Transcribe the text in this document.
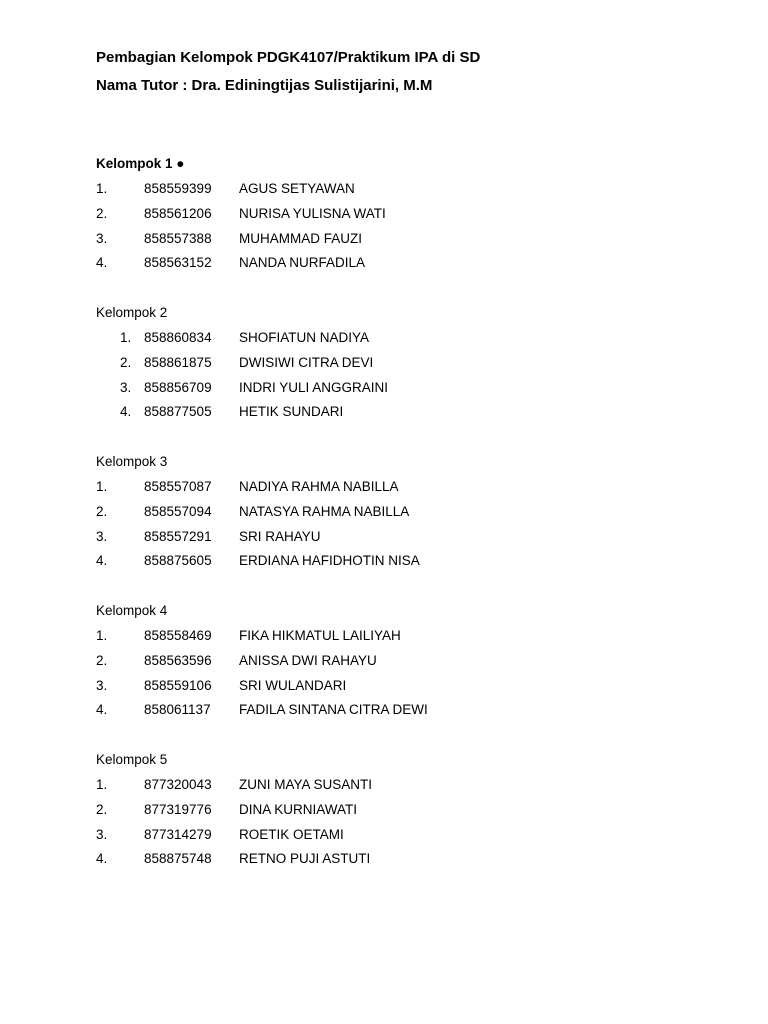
Pembagian Kelompok PDGK4107/Praktikum IPA di SD
Nama Tutor : Dra. Ediningtijas Sulistijarini, M.M
Kelompok 1 ●
1.	858559399 AGUS SETYAWAN
2.	858561206 NURISA YULISNA WATI
3.	858557388 MUHAMMAD FAUZI
4.	858563152 NANDA NURFADILA
Kelompok 2
1. 858860834 SHOFIATUN NADIYA
2. 858861875 DWISIWI CITRA DEVI
3. 858856709 INDRI YULI ANGGRAINI
4. 858877505 HETIK SUNDARI
Kelompok 3
1.	858557087 NADIYA RAHMA NABILLA
2.	858557094 NATASYA RAHMA NABILLA
3.	858557291 SRI RAHAYU
4.	858875605 ERDIANA HAFIDHOTIN NISA
Kelompok 4
1.	858558469 FIKA HIKMATUL LAILIYAH
2.	858563596 ANISSA DWI RAHAYU
3.	858559106 SRI WULANDARI
4.	858061137 FADILA SINTANA CITRA DEWI
Kelompok 5
1.	877320043 ZUNI MAYA SUSANTI
2.	877319776 DINA KURNIAWATI
3.	877314279 ROETIK OETAMI
4.	858875748 RETNO PUJI ASTUTI
